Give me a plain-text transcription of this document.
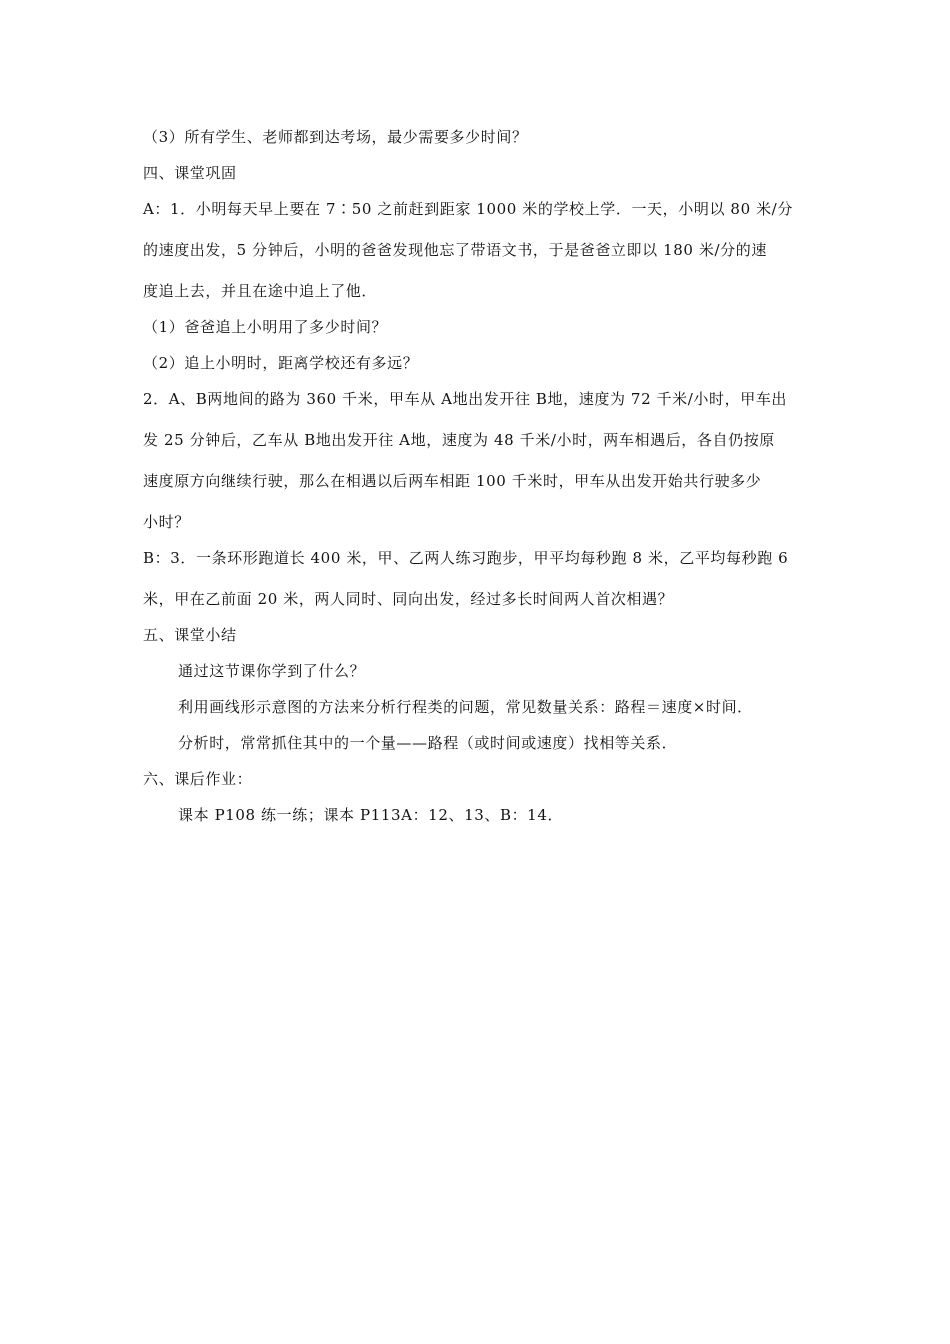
（3）所有学生、老师都到达考场，最少需要多少时间？
四、课堂巩固
A：1．小明每天早上要在 7∶50 之前赶到距家 1000 米的学校上学．一天，小明以 80 米/分
的速度出发，5 分钟后，小明的爸爸发现他忘了带语文书，于是爸爸立即以 180 米/分的速
度追上去，并且在途中追上了他．
（1）爸爸追上小明用了多少时间？
（2）追上小明时，距离学校还有多远？
2．A、B两地间的路为 360 千米，甲车从 A地出发开往 B地，速度为 72 千米/小时，甲车出
发 25 分钟后，乙车从 B地出发开往 A地，速度为 48 千米/小时，两车相遇后，各自仍按原
速度原方向继续行驶，那么在相遇以后两车相距 100 千米时，甲车从出发开始共行驶多少
小时？
B：3．一条环形跑道长 400 米，甲、乙两人练习跑步，甲平均每秒跑 8 米，乙平均每秒跑 6
米，甲在乙前面 20 米，两人同时、同向出发，经过多长时间两人首次相遇？
五、课堂小结
通过这节课你学到了什么？
利用画线形示意图的方法来分析行程类的问题，常见数量关系：路程＝速度×时间．
分析时，常常抓住其中的一个量——路程（或时间或速度）找相等关系．
六、课后作业：
课本 P108 练一练；课本 P113A：12、13、B：14．
